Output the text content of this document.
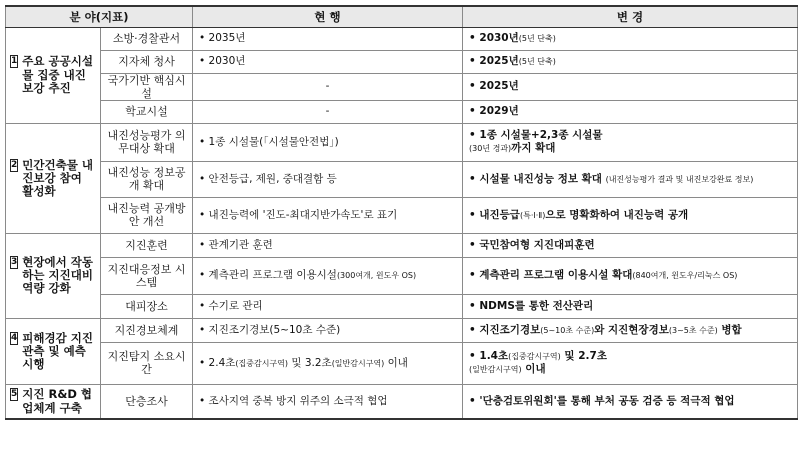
분 야(지표)		현 행	변 경

1 주요 공공시설물 집중 내진보강 추진	소방·경찰관서	• 2035년	• 2030년(5년 단축)
	지자체 청사	• 2030년	• 2025년(5년 단축)
	국가기반 핵심시설	-	• 2025년
	학교시설	-	• 2029년

2 민간건축물 내진보강 참여 활성화	내진성능평가 의무대상 확대	• 1종 시설물(「시설물안전법」)	• 1종 시설물+2,3종 시설물
(30년 경과)까지 확대
	내진성능 정보공개 확대	• 안전등급, 제원, 중대결함 등	• 시설물 내진성능 정보 확대 (내진성능평가 결과 및 내진보강완료 정보)
	내진능력 공개방안 개선	• 내진능력에 '진도-최대지반가속도'로 표기	• 내진등급(특·Ⅰ·Ⅱ)으로 명확화하여 내진능력 공개

3 현장에서 작동하는 지진대비 역량 강화	지진훈련	• 관계기관 훈련	• 국민참여형 지진대피훈련
	지진대응정보 시스템	• 계측관리 프로그램 이용시설(300여개, 윈도우 OS)	• 계측관리 프로그램 이용시설 확대(840여개, 윈도우/리눅스 OS)
	대피장소	• 수기로 관리	• NDMS를 통한 전산관리

4 피해경감 지진관측 및 예측 시행	지진경보체계	• 지진조기경보(5~10초 수준)	• 지진조기경보(5~10초 수준)와 지진현장경보(3~5초 수준) 병합
	지진탐지 소요시간	• 2.4초(집중감시구역) 및 3.2초(일반감시구역) 이내	• 1.4초(집중감시구역) 및 2.7초
(일반감시구역) 이내

5 지진 R&D 협업체계 구축	단층조사	• 조사지역 중복 방지 위주의 소극적 협업	• '단층검토위원회'를 통해 부처 공동 검증 등 적극적 협업
